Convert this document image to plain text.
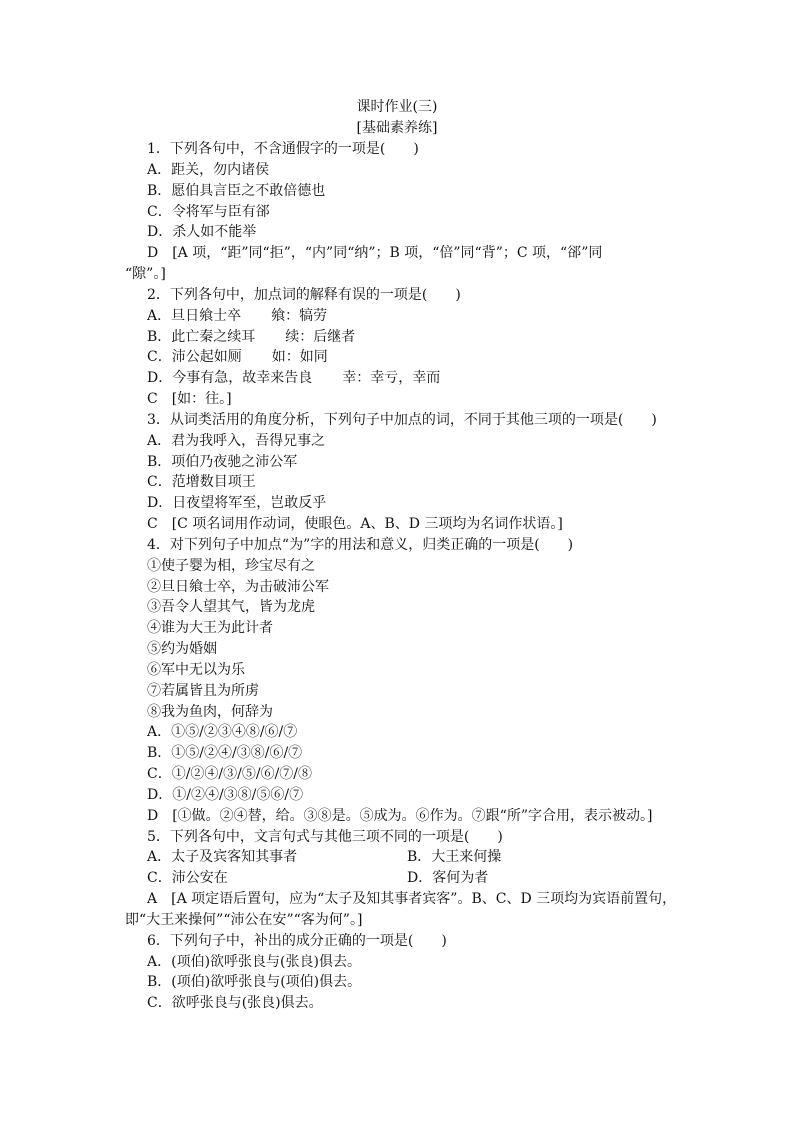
课时作业(三)
[基础素养练]
1．下列各句中，不含通假字的一项是(　　)
A．距关，勿内诸侯
B．愿伯具言臣之不敢倍德也
C．令将军与臣有郤
D．杀人如不能举
D　[A 项，“距”同“拒”，“内”同“纳”；B 项，“倍”同“背”；C 项，“郤”同
“隙”。]
2．下列各句中，加点词的解释有误的一项是(　　)
A．旦日飨士卒 飨：犒劳
B．此亡秦之续耳 续：后继者
C．沛公起如厕 如：如同
D．今事有急，故幸来告良 幸：幸亏，幸而
C　[如：往。]
3．从词类活用的角度分析，下列句子中加点的词，不同于其他三项的一项是(　　)
A．君为我呼入，吾得兄事之
B．项伯乃夜驰之沛公军
C．范增数目项王
D．日夜望将军至，岂敢反乎
C　[C 项名词用作动词，使眼色。A、B、D 三项均为名词作状语。]
4．对下列句子中加点“为”字的用法和意义，归类正确的一项是(　　)
①使子婴为相，珍宝尽有之
②旦日飨士卒，为击破沛公军
③吾令人望其气，皆为龙虎
④谁为大王为此计者
⑤约为婚姻
⑥军中无以为乐
⑦若属皆且为所虏
⑧我为鱼肉，何辞为
A．①⑤/②③④⑧/⑥/⑦
B．①⑤/②④/③⑧/⑥/⑦
C．①/②④/③/⑤/⑥/⑦/⑧
D．①/②④/③⑧/⑤⑥/⑦
D　[①做。②④替，给。③⑧是。⑤成为。⑥作为。⑦跟“所”字合用，表示被动。]
5．下列各句中，文言句式与其他三项不同的一项是(　　)
A．太子及宾客知其事者	B．大王来何操
C．沛公安在	D．客何为者
A　[A 项定语后置句，应为“太子及知其事者宾客”。B、C、D 三项均为宾语前置句，
即“大王来操何”“沛公在安”“客为何”。]
6．下列句子中，补出的成分正确的一项是(　　)
A．(项伯)欲呼张良与(张良)俱去。
B．(项伯)欲呼张良与(项伯)俱去。
C．欲呼张良与(张良)俱去。
